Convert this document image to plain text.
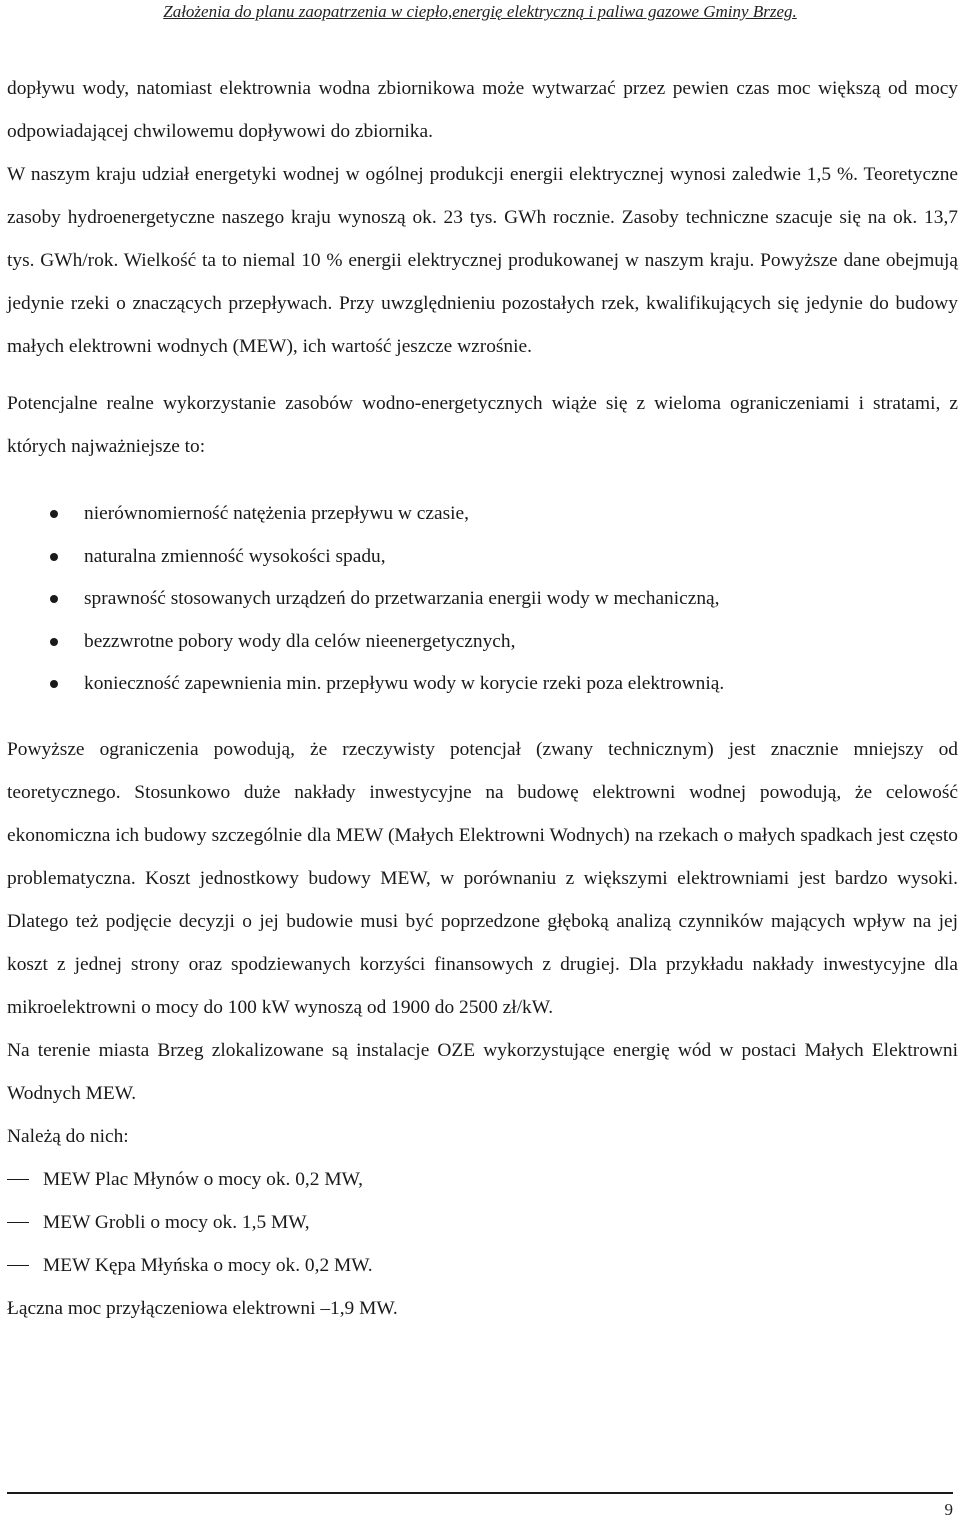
Założenia do planu zaopatrzenia w ciepło,energię elektryczną i paliwa gazowe Gminy Brzeg.

dopływu wody, natomiast elektrownia wodna zbiornikowa może wytwarzać przez pewien czas moc większą od mocy odpowiadającej chwilowemu dopływowi do zbiornika.

W naszym kraju udział energetyki wodnej w ogólnej produkcji energii elektrycznej wynosi zaledwie 1,5 %. Teoretyczne zasoby hydroenergetyczne naszego kraju wynoszą ok. 23 tys. GWh rocznie. Zasoby techniczne szacuje się na ok. 13,7 tys. GWh/rok. Wielkość ta to niemal 10 % energii elektrycznej produkowanej w naszym kraju. Powyższe dane obejmują jedynie rzeki o znaczących przepływach. Przy uwzględnieniu pozostałych rzek, kwalifikujących się jedynie do budowy małych elektrowni wodnych (MEW), ich wartość jeszcze wzrośnie.

Potencjalne realne wykorzystanie zasobów wodno-energetycznych wiąże się z wieloma ograniczeniami i stratami, z których najważniejsze to:

nierównomierność natężenia przepływu w czasie,
naturalna zmienność wysokości spadu,
sprawność stosowanych urządzeń do przetwarzania energii wody w mechaniczną,
bezzwrotne pobory wody dla celów nieenergetycznych,
konieczność zapewnienia min. przepływu wody w korycie rzeki poza elektrownią.

Powyższe ograniczenia powodują, że rzeczywisty potencjał (zwany technicznym) jest znacznie mniejszy od teoretycznego. Stosunkowo duże nakłady inwestycyjne na budowę elektrowni wodnej powodują, że celowość ekonomiczna ich budowy szczególnie dla MEW (Małych Elektrowni Wodnych) na rzekach o małych spadkach jest często problematyczna. Koszt jednostkowy budowy MEW, w porównaniu z większymi elektrowniami jest bardzo wysoki. Dlatego też podjęcie decyzji o jej budowie musi być poprzedzone głęboką analizą czynników mających wpływ na jej koszt z jednej strony oraz spodziewanych korzyści finansowych z drugiej. Dla przykładu nakłady inwestycyjne dla mikroelektrowni o mocy do 100 kW wynoszą od 1900 do 2500 zł/kW.

Na terenie miasta Brzeg zlokalizowane są instalacje OZE wykorzystujące energię wód w postaci Małych Elektrowni Wodnych MEW.

Należą do nich:

MEW Plac Młynów o mocy ok. 0,2 MW,
MEW Grobli o mocy ok. 1,5 MW,
MEW Kępa Młyńska o mocy ok. 0,2 MW.

Łączna moc przyłączeniowa elektrowni –1,9 MW.

9
